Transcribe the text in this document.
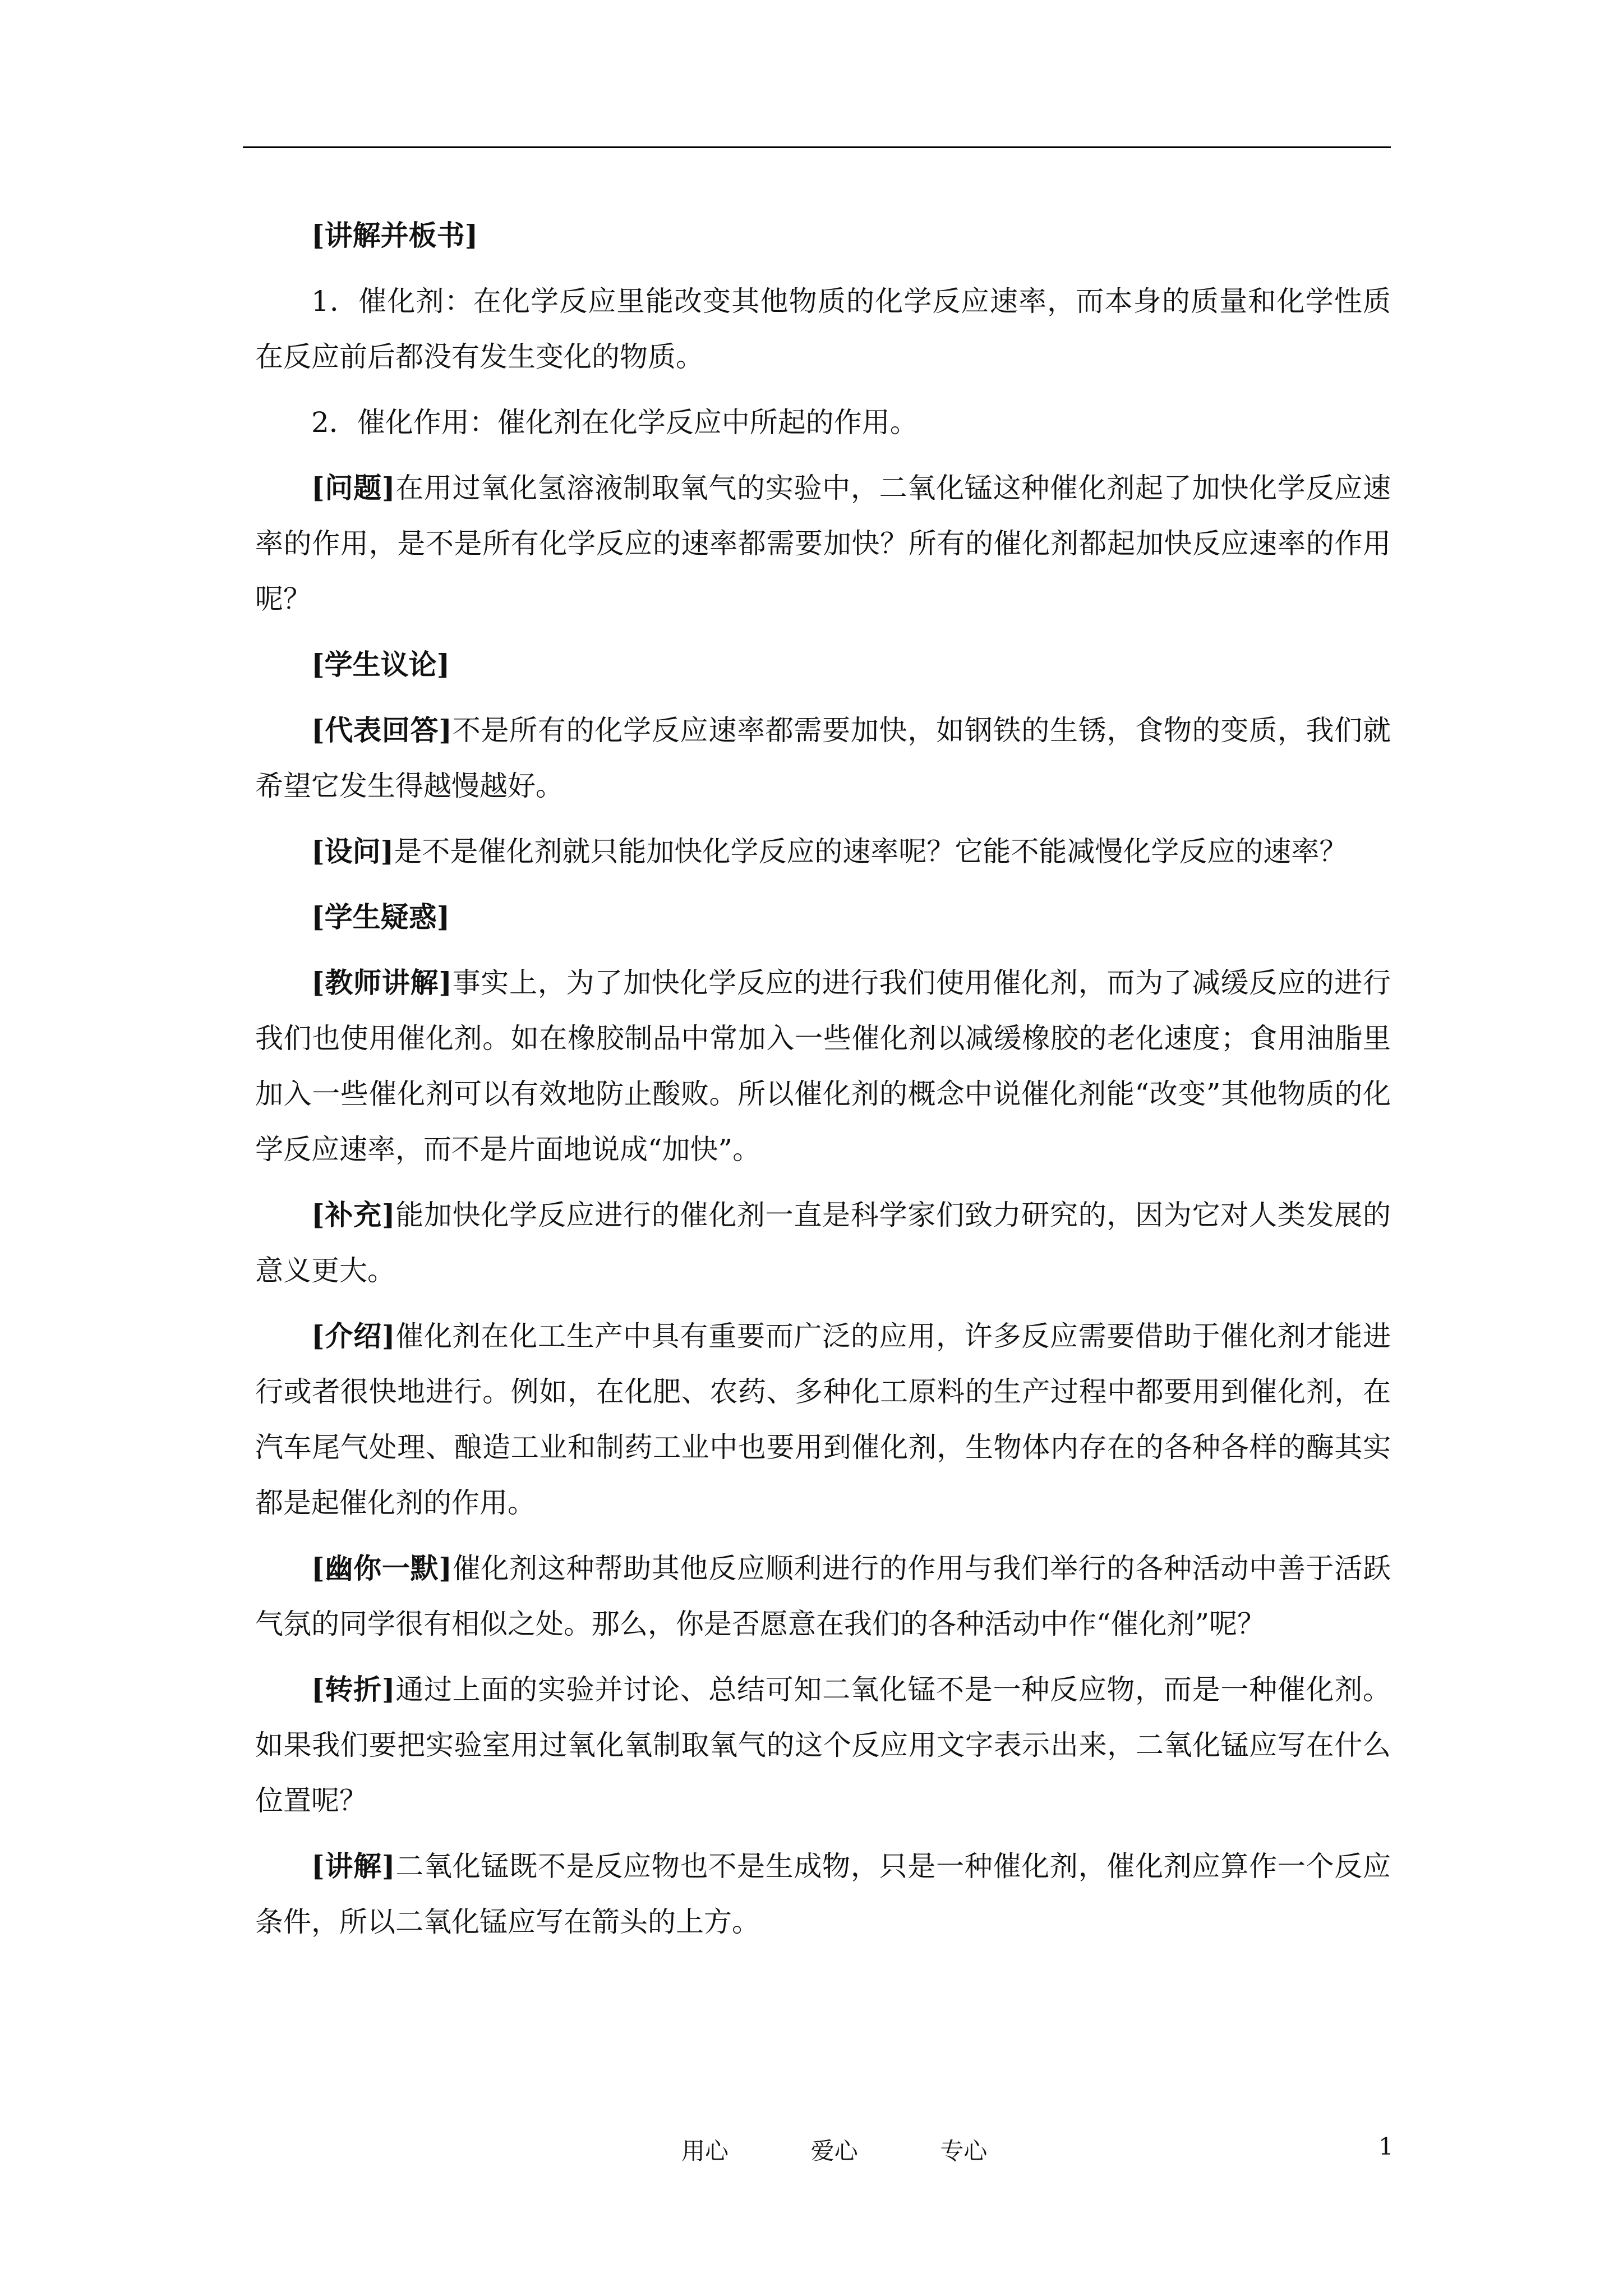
[讲解并板书]

1．催化剂：在化学反应里能改变其他物质的化学反应速率，而本身的质量和化学性质在反应前后都没有发生变化的物质。

2．催化作用：催化剂在化学反应中所起的作用。

[问题]在用过氧化氢溶液制取氧气的实验中，二氧化锰这种催化剂起了加快化学反应速率的作用，是不是所有化学反应的速率都需要加快？所有的催化剂都起加快反应速率的作用呢？

[学生议论]

[代表回答]不是所有的化学反应速率都需要加快，如钢铁的生锈，食物的变质，我们就希望它发生得越慢越好。

[设问]是不是催化剂就只能加快化学反应的速率呢？它能不能减慢化学反应的速率？

[学生疑惑]

[教师讲解]事实上，为了加快化学反应的进行我们使用催化剂，而为了减缓反应的进行我们也使用催化剂。如在橡胶制品中常加入一些催化剂以减缓橡胶的老化速度；食用油脂里加入一些催化剂可以有效地防止酸败。所以催化剂的概念中说催化剂能“改变”其他物质的化学反应速率，而不是片面地说成“加快”。

[补充]能加快化学反应进行的催化剂一直是科学家们致力研究的，因为它对人类发展的意义更大。

[介绍]催化剂在化工生产中具有重要而广泛的应用，许多反应需要借助于催化剂才能进行或者很快地进行。例如，在化肥、农药、多种化工原料的生产过程中都要用到催化剂，在汽车尾气处理、酿造工业和制药工业中也要用到催化剂，生物体内存在的各种各样的酶其实都是起催化剂的作用。

[幽你一默]催化剂这种帮助其他反应顺利进行的作用与我们举行的各种活动中善于活跃气氛的同学很有相似之处。那么，你是否愿意在我们的各种活动中作“催化剂”呢？

[转折]通过上面的实验并讨论、总结可知二氧化锰不是一种反应物，而是一种催化剂。如果我们要把实验室用过氧化氧制取氧气的这个反应用文字表示出来，二氧化锰应写在什么位置呢？

[讲解]二氧化锰既不是反应物也不是生成物，只是一种催化剂，催化剂应算作一个反应条件，所以二氧化锰应写在箭头的上方。

用心  爱心  专心	1
